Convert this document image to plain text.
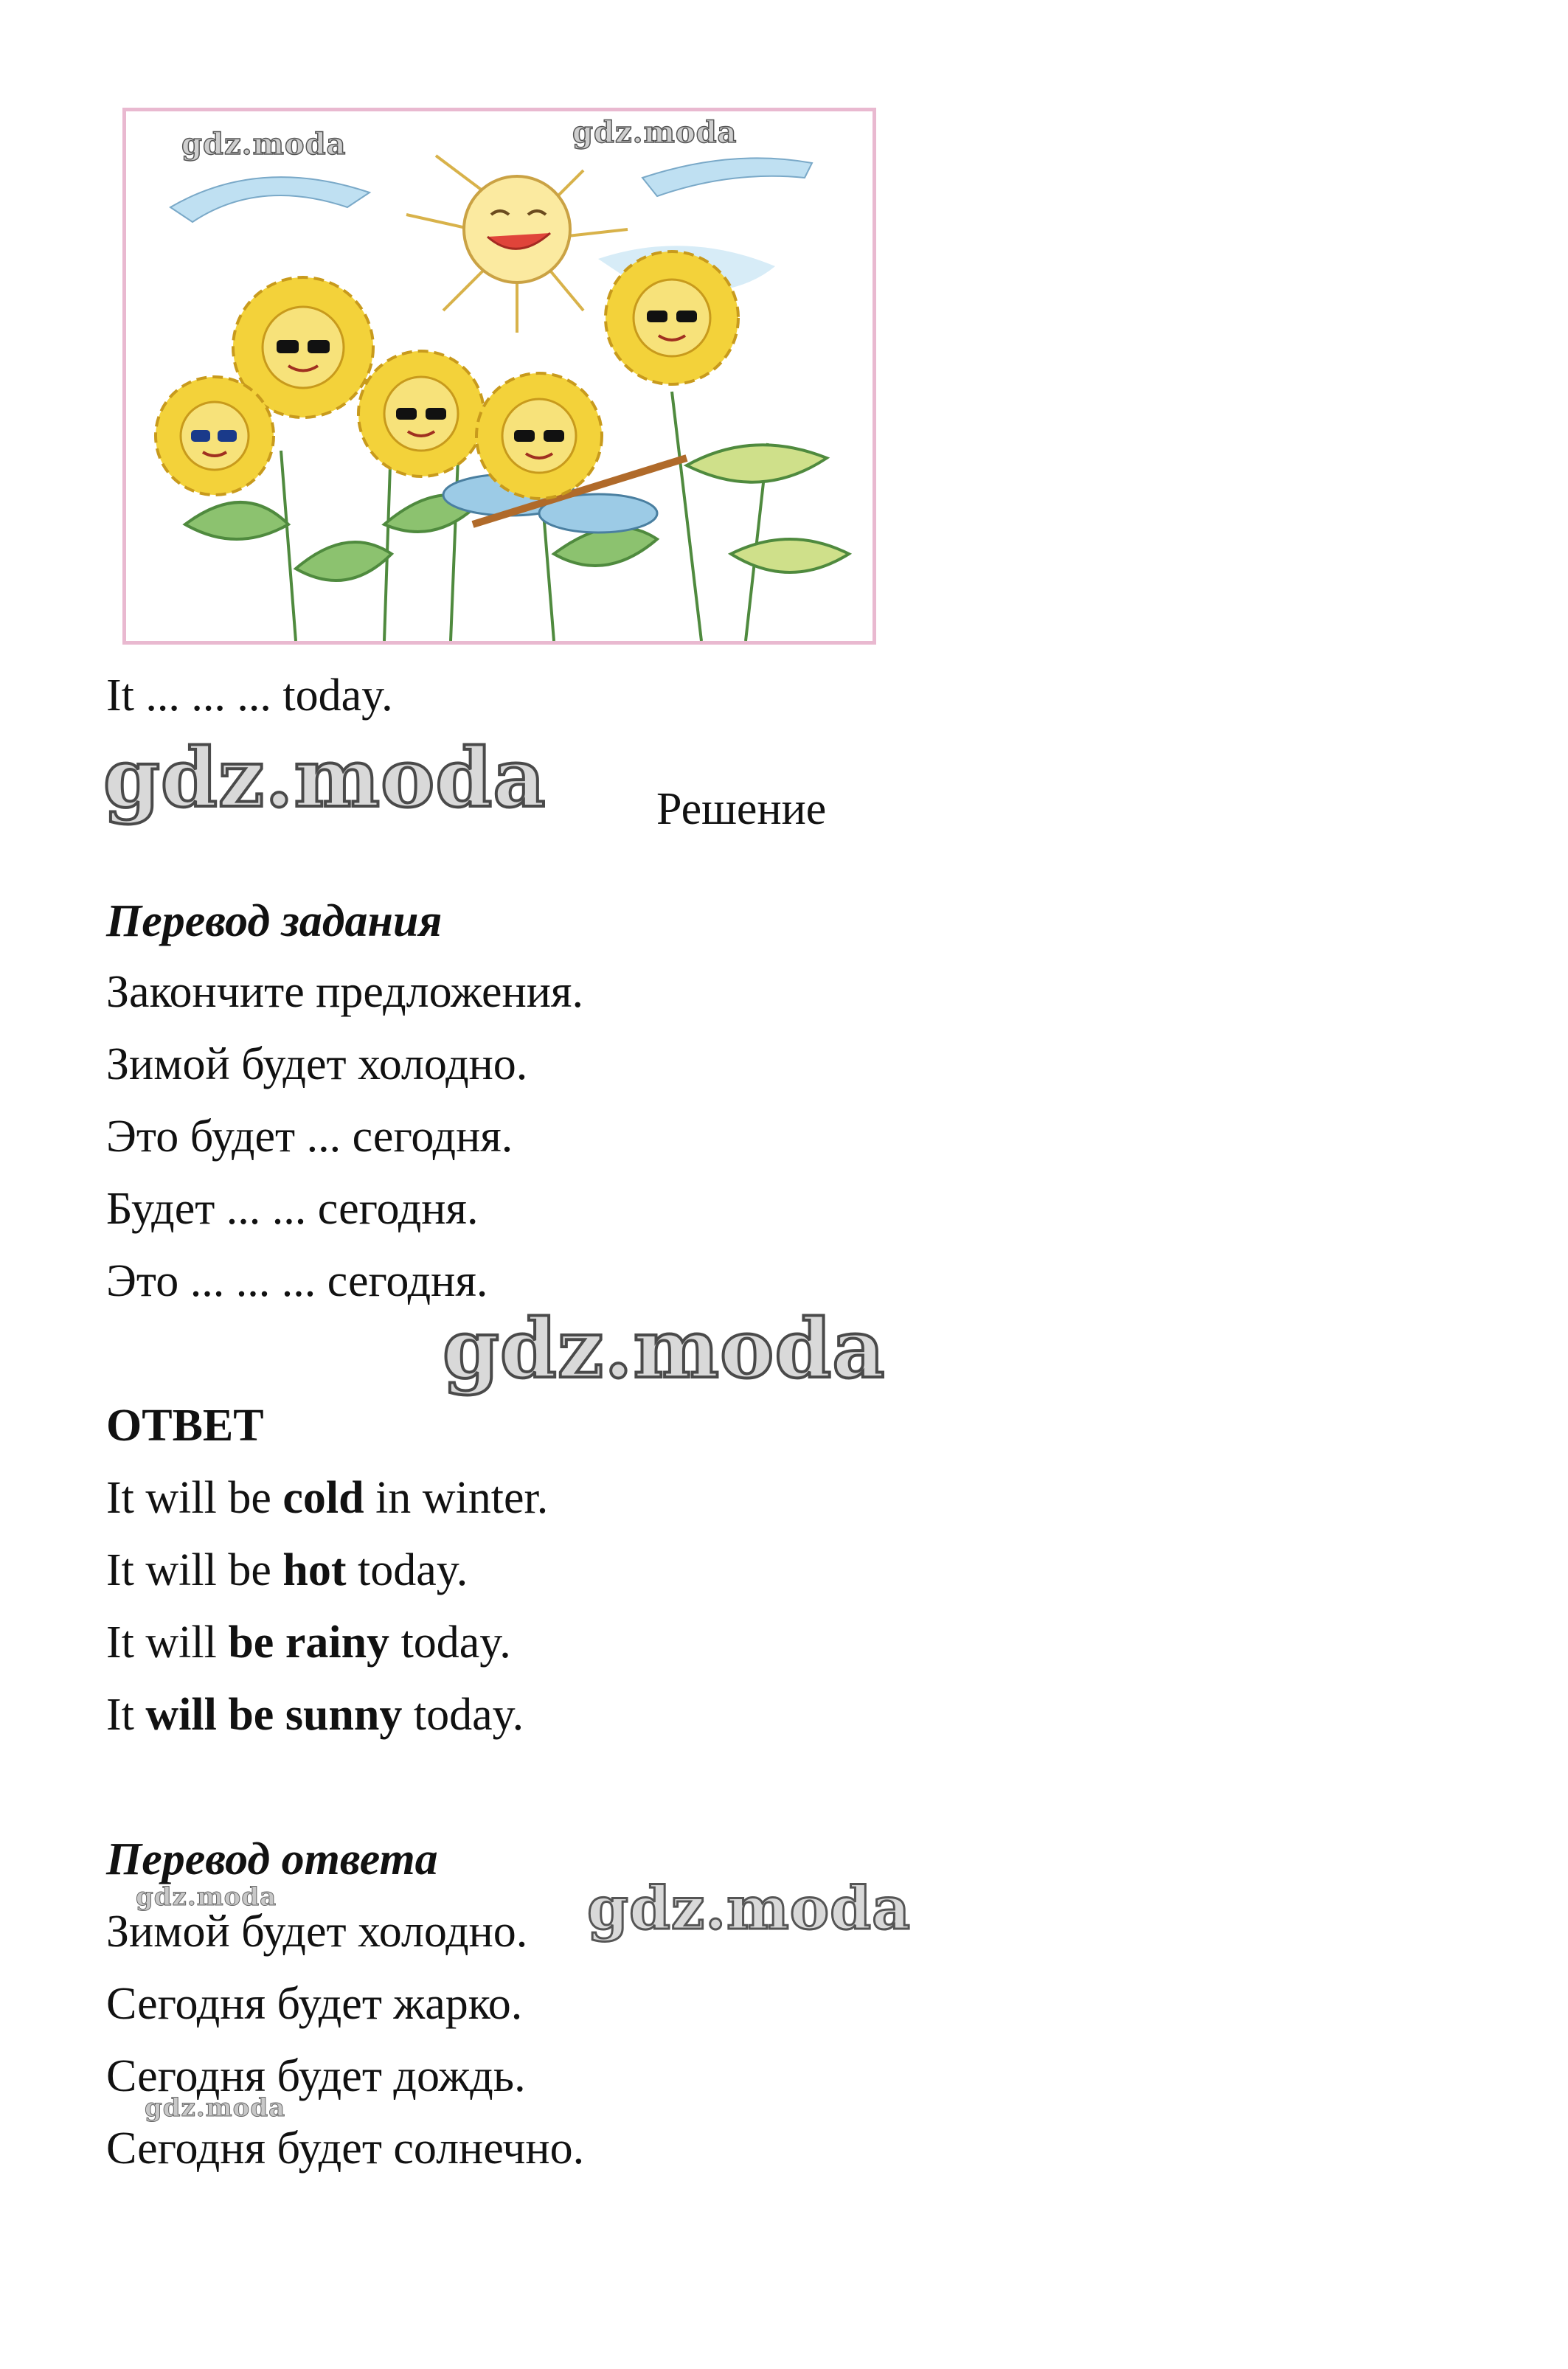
gdz.moda	gdz.moda
It ... ... ... today.
gdz.moda Решение
Перевод задания
Закончите предложения.
Зимой будет холодно.
Это будет ... сегодня.
Будет ... ... сегодня.
Это ... ... ... сегодня.
gdz.moda
ОТВЕТ
It will be cold in winter.
It will be hot today.
It will be rainy today.
It will be sunny today.
Перевод ответа
gdz.moda	gdz.moda
Зимой будет холодно.
Сегодня будет жарко.
Сегодня будет дождь.
gdz.moda
Сегодня будет солнечно.
